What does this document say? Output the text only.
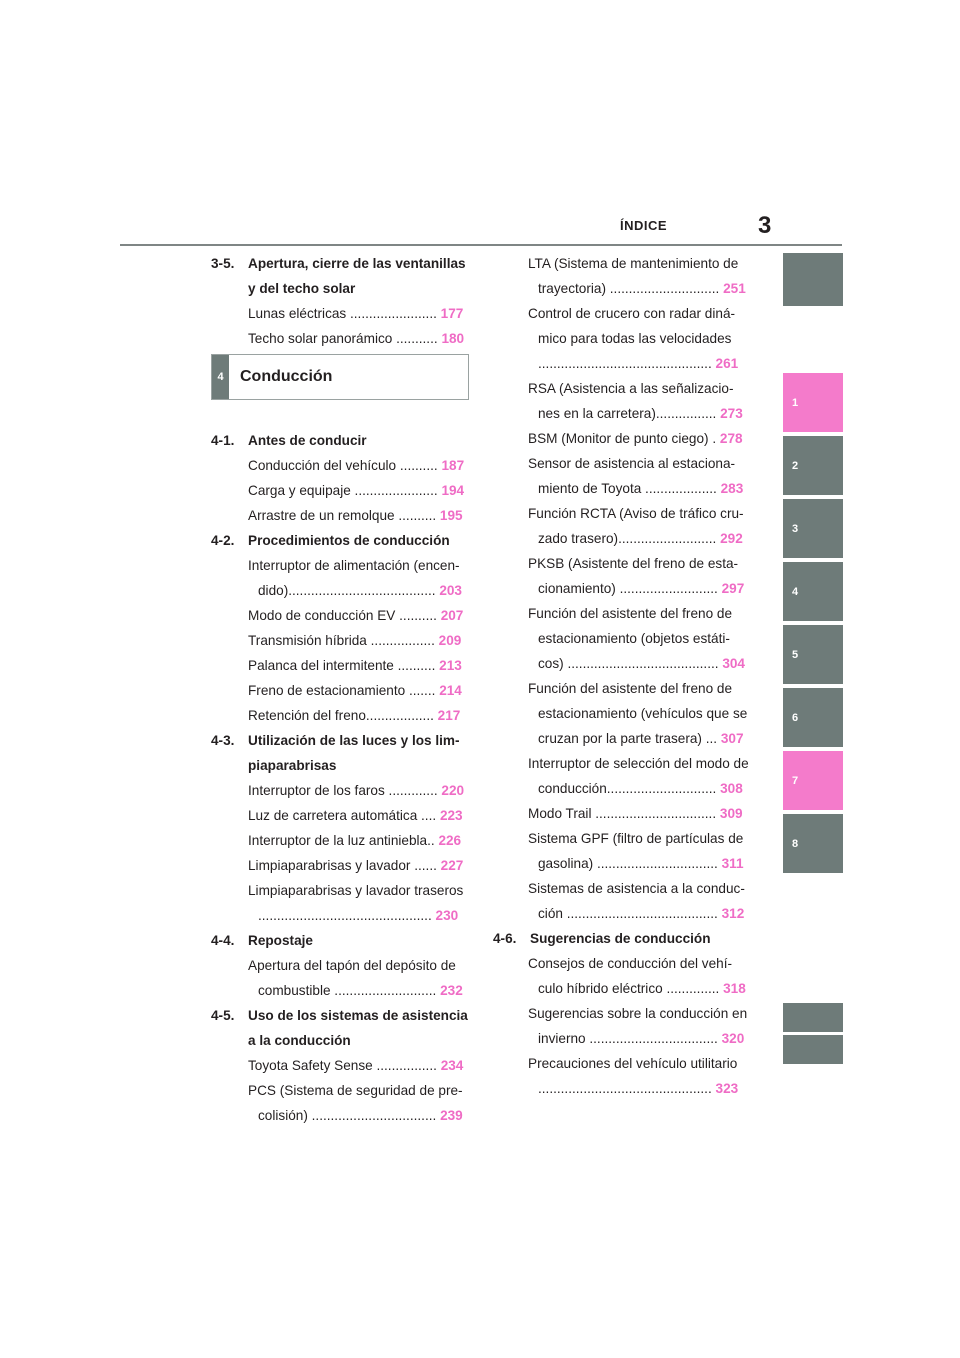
ÍNDICE	3
1
2
3
4
5
6
7
8
3-5. Apertura, cierre de las ventanillas
y del techo solar
Lunas eléctricas ....................... 177
Techo solar panorámico ........... 180
4-1. Antes de conducir
Conducción del vehículo .......... 187
Carga y equipaje ...................... 194
Arrastre de un remolque .......... 195
4-2. Procedimientos de conducción
Interruptor de alimentación (encen-
dido)....................................... 203
Modo de conducción EV .......... 207
Transmisión híbrida ................. 209
Palanca del intermitente .......... 213
Freno de estacionamiento ....... 214
Retención del freno.................. 217
4-3. Utilización de las luces y los lim-
piaparabrisas
Interruptor de los faros ............. 220
Luz de carretera automática .... 223
Interruptor de la luz antiniebla.. 226
Limpiaparabrisas y lavador ...... 227
Limpiaparabrisas y lavador traseros
.............................................. 230
4-4. Repostaje
Apertura del tapón del depósito de
combustible ........................... 232
4-5. Uso de los sistemas de asistencia
a la conducción
Toyota Safety Sense ................ 234
PCS (Sistema de seguridad de pre-
colisión) ................................. 239
4	Conducción
LTA (Sistema de mantenimiento de
trayectoria) ............................. 251
Control de crucero con radar diná-
mico para todas las velocidades
.............................................. 261
RSA (Asistencia a las señalizacio-
nes en la carretera)................ 273
BSM (Monitor de punto ciego) . 278
Sensor de asistencia al estaciona-
miento de Toyota ................... 283
Función RCTA (Aviso de tráfico cru-
zado trasero).......................... 292
PKSB (Asistente del freno de esta-
cionamiento) .......................... 297
Función del asistente del freno de
estacionamiento (objetos estáti-
cos) ........................................ 304
Función del asistente del freno de
estacionamiento (vehículos que se
cruzan por la parte trasera) ... 307
Interruptor de selección del modo de
conducción............................. 308
Modo Trail ................................ 309
Sistema GPF (filtro de partículas de
gasolina) ................................ 311
Sistemas de asistencia a la conduc-
ción ........................................ 312
4-6. Sugerencias de conducción
Consejos de conducción del vehí-
culo híbrido eléctrico .............. 318
Sugerencias sobre la conducción en
invierno .................................. 320
Precauciones del vehículo utilitario
.............................................. 323
